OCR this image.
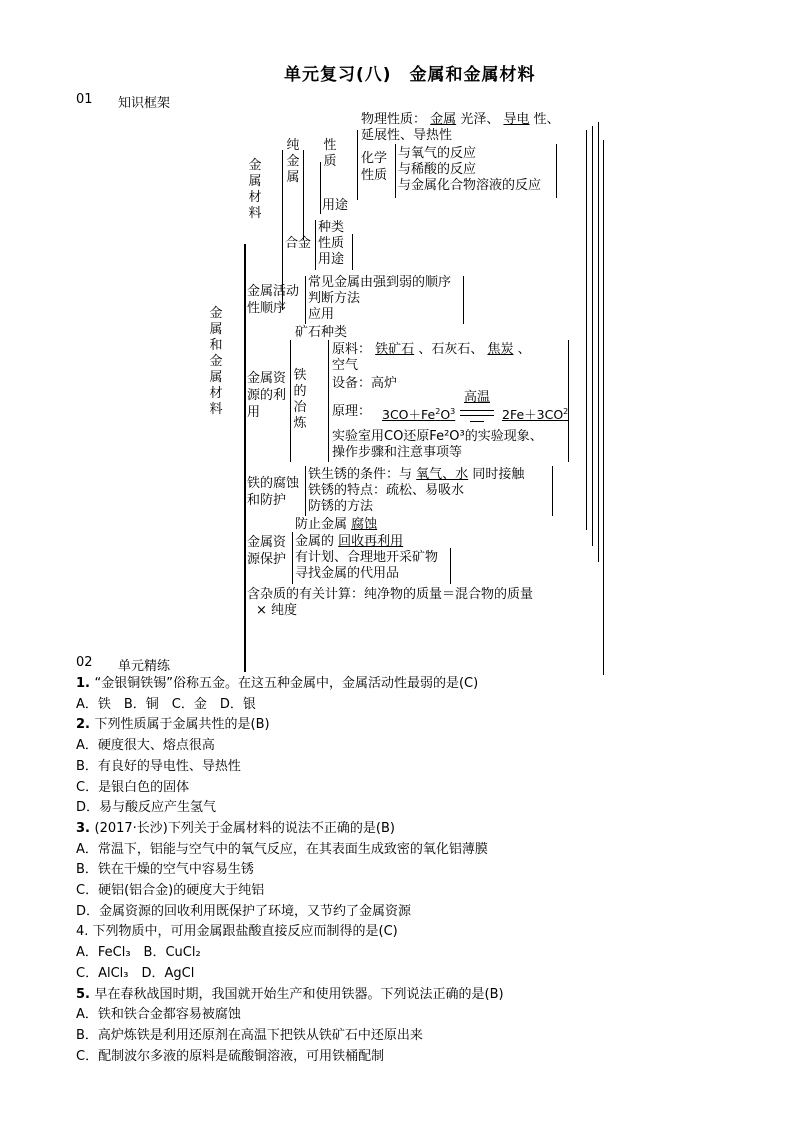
单元复习(八)　金属和金属材料
01 知识框架
金属和金属材料
金属材料
纯金属
性质
物理性质： 金属 光泽、 导电 性、
延展性、导热性
化学性质
与氧气的反应
与稀酸的反应
与金属化合物溶液的反应
用途
合金
种类
性质
用途
金属活动性顺序
常见金属由强到弱的顺序
判断方法
应用
矿石种类
金属资源的利用
铁的冶炼
原料： 铁矿石 、石灰石、 焦炭 、
空气
设备：高炉
原理： $3CO+Fe^2O^3$
高温
$2Fe+3CO^2$
实验室用CO还原Fe²O³的实验现象、
操作步骤和注意事项等
铁的腐蚀和防护
铁生锈的条件：与 氧气、水 同时接触
铁锈的特点：疏松、易吸水
防锈的方法
防止金属 腐蚀
金属资源保护
金属的 回收再利用
有计划、合理地开采矿物
寻找金属的代用品
含杂质的有关计算：纯净物的质量＝混合物的质量
× 纯度
02 单元精练
1. “金银铜铁锡”俗称五金。在这五种金属中，金属活动性最弱的是(C)
A．铁　B．铜　C．金　D．银
2. 下列性质属于金属共性的是(B)
A．硬度很大、熔点很高
B．有良好的导电性、导热性
C．是银白色的固体
D．易与酸反应产生氢气
3. (2017·长沙)下列关于金属材料的说法不正确的是(B)
A．常温下，铝能与空气中的氧气反应，在其表面生成致密的氧化铝薄膜
B．铁在干燥的空气中容易生锈
C．硬铝(铝合金)的硬度大于纯铝
D．金属资源的回收利用既保护了环境，又节约了金属资源
4. 下列物质中，可用金属跟盐酸直接反应而制得的是(C)
A．FeCl₃　B．CuCl₂
C．AlCl₃　D．AgCl
5. 早在春秋战国时期，我国就开始生产和使用铁器。下列说法正确的是(B)
A．铁和铁合金都容易被腐蚀
B．高炉炼铁是利用还原剂在高温下把铁从铁矿石中还原出来
C．配制波尔多液的原料是硫酸铜溶液，可用铁桶配制
